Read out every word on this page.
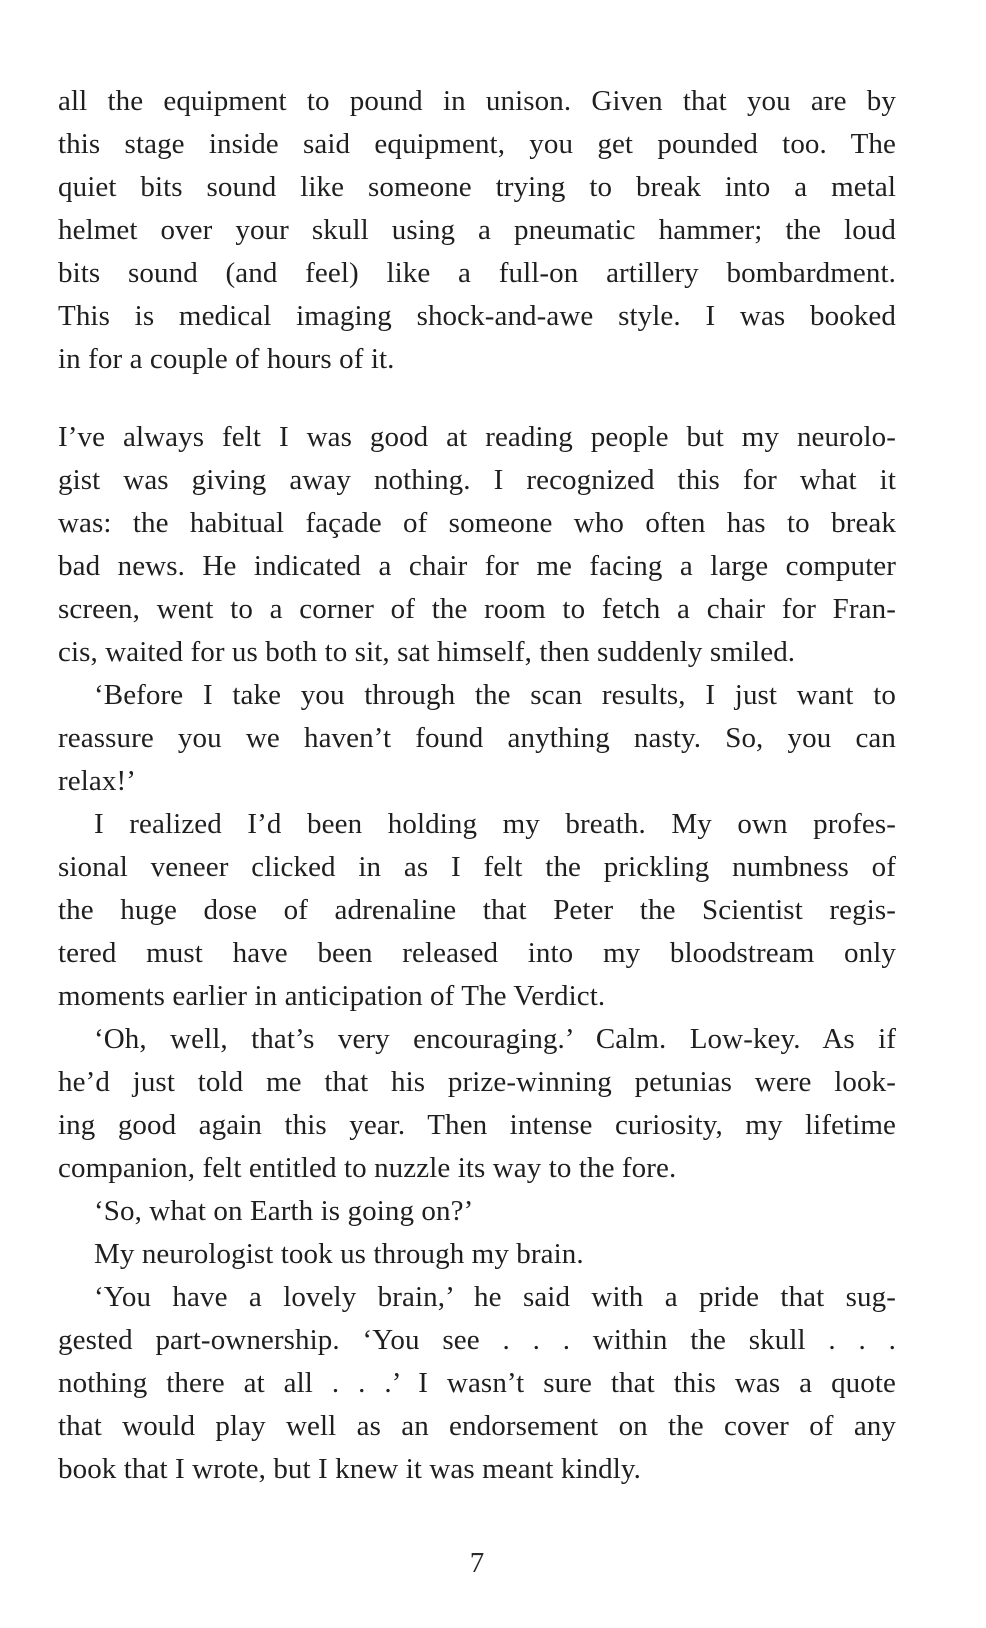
all the equipment to pound in unison. Given that you are by
this stage inside said equipment, you get pounded too. The
quiet bits sound like someone trying to break into a metal
helmet over your skull using a pneumatic hammer; the loud
bits sound (and feel) like a full-on artillery bombardment.
This is medical imaging shock-and-awe style. I was booked
in for a couple of hours of it.
I’ve always felt I was good at reading people but my neurolo-
gist was giving away nothing. I recognized this for what it
was: the habitual façade of someone who often has to break
bad news. He indicated a chair for me facing a large computer
screen, went to a corner of the room to fetch a chair for Fran-
cis, waited for us both to sit, sat himself, then suddenly smiled.
‘Before I take you through the scan results, I just want to
reassure you we haven’t found anything nasty. So, you can
relax!’
I realized I’d been holding my breath. My own profes-
sional veneer clicked in as I felt the prickling numbness of
the huge dose of adrenaline that Peter the Scientist regis-
tered must have been released into my bloodstream only
moments earlier in anticipation of The Verdict.
‘Oh, well, that’s very encouraging.’ Calm. Low-key. As if
he’d just told me that his prize-winning petunias were look-
ing good again this year. Then intense curiosity, my lifetime
companion, felt entitled to nuzzle its way to the fore.
‘So, what on Earth is going on?’
My neurologist took us through my brain.
‘You have a lovely brain,’ he said with a pride that sug-
gested part-ownership. ‘You see . . . within the skull . . .
nothing there at all . . .’ I wasn’t sure that this was a quote
that would play well as an endorsement on the cover of any
book that I wrote, but I knew it was meant kindly.
7
